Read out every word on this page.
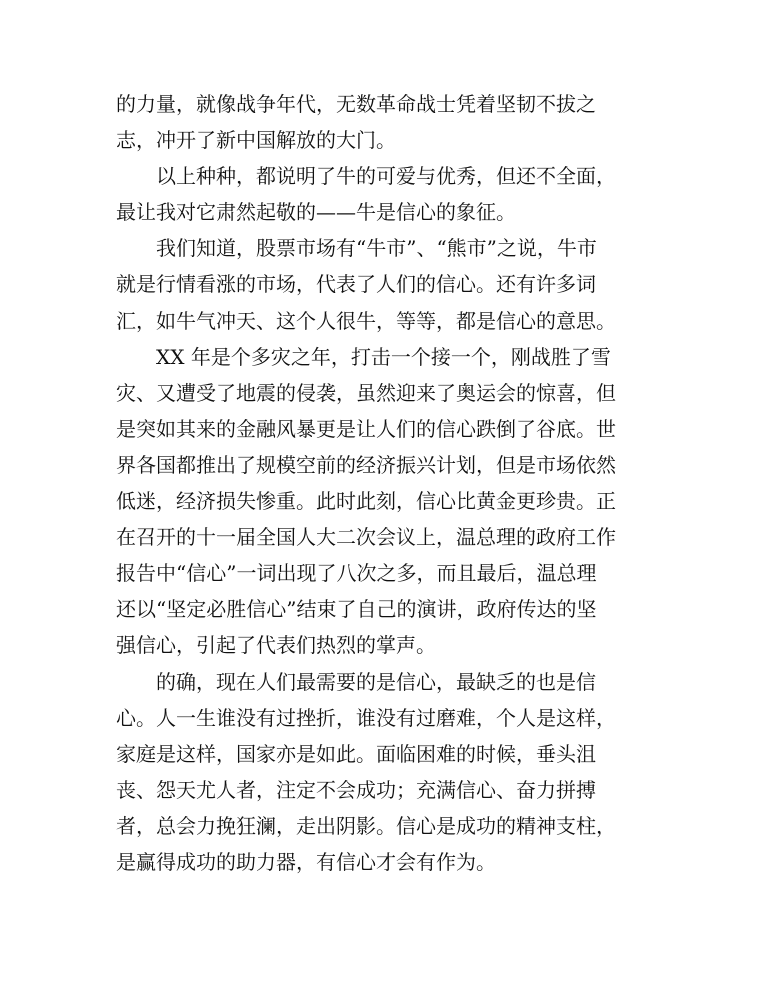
的力量，就像战争年代，无数革命战士凭着坚韧不拔之
志，冲开了新中国解放的大门。
　　以上种种，都说明了牛的可爱与优秀，但还不全面，
最让我对它肃然起敬的——牛是信心的象征。
　　我们知道，股票市场有“牛市”、“熊市”之说，牛市
就是行情看涨的市场，代表了人们的信心。还有许多词
汇，如牛气冲天、这个人很牛，等等，都是信心的意思。
　　XX 年是个多灾之年，打击一个接一个，刚战胜了雪
灾、又遭受了地震的侵袭，虽然迎来了奥运会的惊喜，但
是突如其来的金融风暴更是让人们的信心跌倒了谷底。世
界各国都推出了规模空前的经济振兴计划，但是市场依然
低迷，经济损失惨重。此时此刻，信心比黄金更珍贵。正
在召开的十一届全国人大二次会议上，温总理的政府工作
报告中“信心”一词出现了八次之多，而且最后，温总理
还以“坚定必胜信心”结束了自己的演讲，政府传达的坚
强信心，引起了代表们热烈的掌声。
　　的确，现在人们最需要的是信心，最缺乏的也是信
心。人一生谁没有过挫折，谁没有过磨难，个人是这样，
家庭是这样，国家亦是如此。面临困难的时候，垂头沮
丧、怨天尤人者，注定不会成功；充满信心、奋力拼搏
者，总会力挽狂澜，走出阴影。信心是成功的精神支柱，
是赢得成功的助力器，有信心才会有作为。
